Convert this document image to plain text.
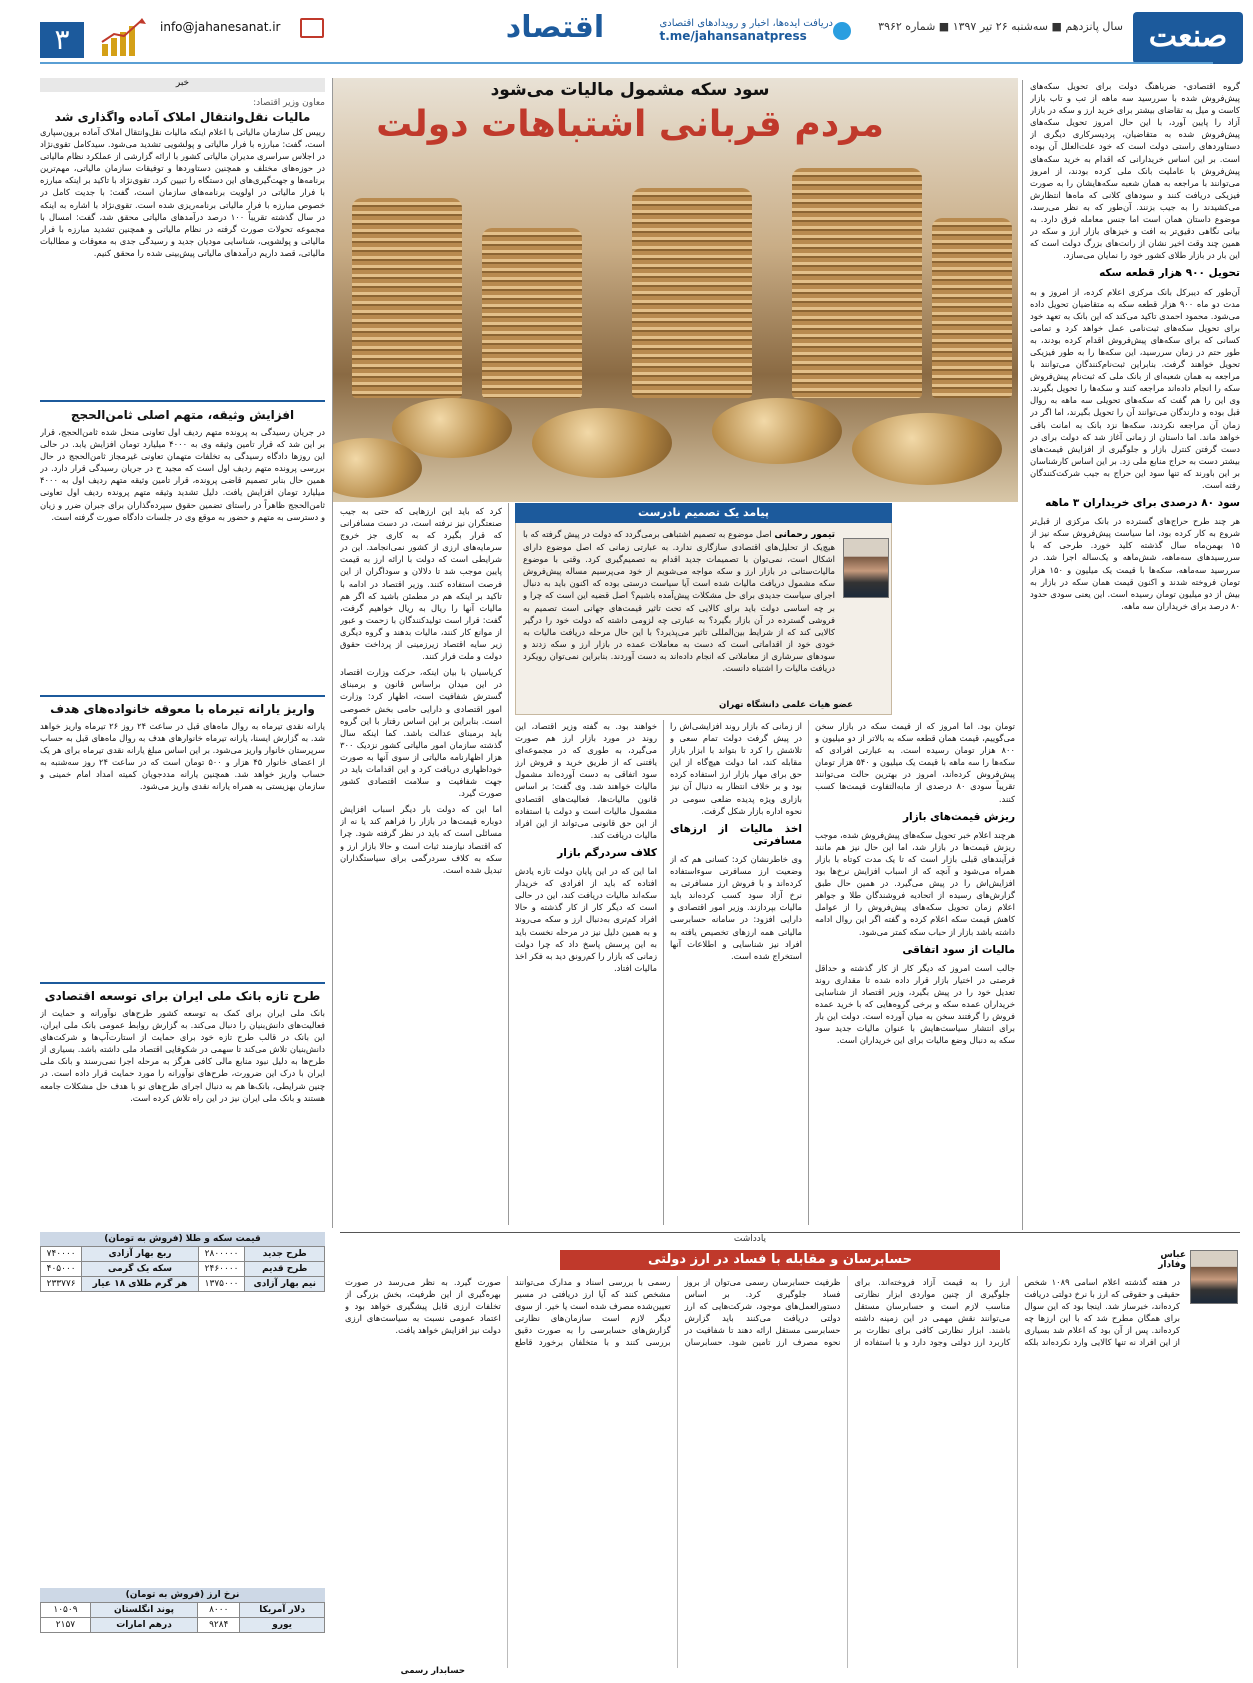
صنعت
سال پانزدهم ■ سه‌شنبه ۲۶ تیر ۱۳۹۷ ■ شماره ۳۹۶۲
دریافت ایده‌ها، اخبار و رویدادهای اقتصادی
t.me/jahansanatpress
اقتصاد
info@jahanesanat.ir
۳
سود سکه مشمول مالیات می‌شود
مردم قربانی اشتباهات دولت
گروه اقتصادی- ضرباهنگ دولت برای تحویل سکه‌های پیش‌فروش شده با سررسید سه ماهه از تب و تاب بازار کاست و میل به تقاضای بیشتر برای خرید ارز و سکه در بازار آزاد را پایین آورد، با این حال امروز تحویل سکه‌های پیش‌فروش شده به متقاضیان، پردیسرکاری دیگری از دستاوردهای راستی دولت است که خود علت‌العلل آن بوده است. بر این اساس خریدارانی که اقدام به خرید سکه‌های پیش‌فروش با عاملیت بانک ملی کرده بودند، از امروز می‌توانند با مراجعه به همان شعبه سکه‌هایشان را به صورت فیزیکی دریافت کنند و سودهای کلانی که ماه‌ها انتظارش می‌کشیدند را به جیب بزنند. آن‌طور که به نظر می‌رسد، موضوع داستان همان است اما جنس معامله فرق دارد. به بیانی نگاهی دقیق‌تر به افت و خیزهای بازار ارز و سکه در همین چند وقت اخیر نشان از رانت‌های بزرگ دولت است که این بار در بازار طلای کشور خود را نمایان می‌سازد.
تحویل ۹۰۰ هزار قطعه سکه
آن‌طور که دیبرکل بانک مرکزی اعلام کرده، از امروز و به مدت دو ماه ۹۰۰ هزار قطعه سکه به متقاضیان تحویل داده می‌شود. محمود احمدی تاکید می‌کند که این بانک به تعهد خود برای تحویل سکه‌های ثبت‌نامی عمل خواهد کرد و تمامی کسانی که برای سکه‌های پیش‌فروش اقدام کرده بودند، به طور حتم در زمان سررسید، این سکه‌ها را به طور فیزیکی تحویل خواهند گرفت. بنابراین ثبت‌نام‌کنندگان می‌توانند با مراجعه به همان شعبه‌ای از بانک ملی که ثبت‌نام پیش‌فروش سکه را انجام داده‌اند مراجعه کنند و سکه‌ها را تحویل بگیرند. وی این را هم گفت که سکه‌های تحویلی سه ماهه به روال قبل بوده و دارندگان می‌توانند آن را تحویل بگیرند، اما اگر در زمان آن مراجعه نکردند، سکه‌ها نزد بانک به امانت باقی خواهد ماند. اما داستان از زمانی آغاز شد که دولت برای در دست گرفتن کنترل بازار و جلوگیری از افزایش قیمت‌های بیشتر دست به حراج منابع ملی زد. بر این اساس کارشناسان بر این باورند که تنها سود این حراج به جیب شرکت‌کنندگان رفته است.
سود ۸۰ درصدی برای خریداران ۳ ماهه
هر چند طرح حراج‌های گسترده در بانک مرکزی از قبل‌تر شروع به کار کرده بود، اما سیاست پیش‌فروش سکه نیز از ۱۵ بهمن‌ماه سال گذشته کلید خورد. طرحی که با سررسیدهای سه‌ماهه، شش‌ماهه و یک‌ساله اجرا شد. در سررسید سه‌ماهه، سکه‌ها با قیمت یک میلیون و ۱۵۰ هزار تومان فروخته شدند و اکنون قیمت همان سکه در بازار به بیش از دو میلیون تومان رسیده است. این یعنی سودی حدود ۸۰ درصد برای خریداران سه ماهه.
پیامد یک تصمیم نادرست
تیمور رحمانی اصل موضوع به تصمیم اشتباهی برمی‌گردد که دولت در پیش گرفته که با هیچ‌یک از تحلیل‌های اقتصادی سازگاری ندارد. به عبارتی زمانی که اصل موضوع دارای اشکال است، نمی‌توان با تصمیمات جدید اقدام به تصمیم‌گیری کرد. وقتی با موضوع مالیات‌ستانی در بازار ارز و سکه مواجه می‌شویم از خود می‌پرسیم مساله پیش‌فروش سکه مشمول دریافت مالیات شده است آیا سیاست درستی بوده که اکنون باید به دنبال اجرای سیاست جدیدی برای حل مشکلات پیش‌آمده باشیم؟ اصل قضیه این است که چرا و بر چه اساسی دولت باید برای کالایی که تحت تاثیر قیمت‌های جهانی است تصمیم به فروشی گسترده در آن بازار بگیرد؟ به عبارتی چه لزومی داشته که دولت خود را درگیر کالایی کند که از شرایط بین‌المللی تاثیر می‌پذیرد؟ با این حال مرحله دریافت مالیات به خودی خود از اقداماتی است که دست به معاملات عمده در بازار ارز و سکه زدند و سودهای سرشاری از معاملاتی که انجام داده‌اند به دست آوردند. بنابراین نمی‌توان رویکرد دریافت مالیات را اشتباه دانست.
عضو هیات علمی دانشگاه تهران
تومان بود. اما امروز که از قیمت سکه در بازار سخن می‌گوییم، قیمت همان قطعه سکه به بالاتر از دو میلیون و ۸۰۰ هزار تومان رسیده است. به عبارتی افرادی که سکه‌ها را سه ماهه با قیمت یک میلیون و ۵۴۰ هزار تومان پیش‌فروش کرده‌اند، امروز در بهترین حالت می‌توانند تقریباً سودی ۸۰ درصدی از مابه‌التفاوت قیمت‌ها کسب کنند.
ریزش قیمت‌های بازار
هرچند اعلام خبر تحویل سکه‌های پیش‌فروش شده، موجب ریزش قیمت‌ها در بازار شد، اما این حال نیز هم مانند فرآیندهای قبلی بازار است که تا یک مدت کوتاه با بازار همراه می‌شود و آنچه که از اسباب افزایش نرخ‌ها بود افزایش‌اش را در پیش می‌گیرد. در همین حال طبق گزارش‌های رسیده از اتحادیه فروشندگان طلا و جواهر اعلام زمان تحویل سکه‌های پیش‌فروش را از عوامل کاهش قیمت سکه اعلام کرده و گفته اگر این روال ادامه داشته باشد بازار از حباب سکه کمتر می‌شود.
مالیات از سود اتفاقی
جالب است امروز که دیگر کار از کار گذشته و حداقل فرصتی در اختیار بازار قرار داده شده تا مقداری روند تعدیل خود را در پیش بگیرد، وزیر اقتصاد از شناسایی خریداران عمده سکه و برخی گروه‌هایی که با خرید عمده فروش را گرفتند سخن به میان آورده است. دولت این بار برای انتشار سیاست‌هایش با عنوان مالیات جدید سود سکه به دنبال وضع مالیات برای این خریداران است.
از زمانی که بازار روند افزایشی‌اش را در پیش گرفت دولت تمام سعی و تلاشش را کرد تا بتواند با ابزار بازار مقابله کند، اما دولت هیچ‌گاه از این حق برای مهار بازار ارز استفاده کرده بود و بر خلاف انتظار به دنبال آن نیز بازاری ویژه پدیده ضلعی سومی در نحوه اداره بازار شکل گرفت.
اخذ مالیات از ارزهای مسافرتی
وی خاطرنشان کرد: کسانی هم که از وضعیت ارز مسافرتی سوءاستفاده کرده‌اند و با فروش ارز مسافرتی به نرخ آزاد سود کسب کرده‌اند باید مالیات بپردازند. وزیر امور اقتصادی و دارایی افزود: در سامانه حسابرسی مالیاتی همه ارزهای تخصیص یافته به افراد نیز شناسایی و اطلاعات آنها استخراج شده است.
خواهند بود. به گفته وزیر اقتصاد، این روند در مورد بازار ارز هم صورت می‌گیرد، به طوری که در مجموعه‌ای یافتنی که از طریق خرید و فروش ارز سود اتفاقی به دست آورده‌اند مشمول مالیات خواهند شد. وی گفت: بر اساس قانون مالیات‌ها، فعالیت‌های اقتصادی مشمول مالیات است و دولت با استفاده از این حق قانونی می‌تواند از این افراد مالیات دریافت کند.
کلاف سردرگم بازار
اما این که در این پایان دولت تازه یادش افتاده که باید از افرادی که خریدار سکه‌اند مالیات دریافت کند، این در حالی است که دیگر کار از کار گذشته و حالا افراد کم‌تری به‌دنبال ارز و سکه می‌روند و به همین دلیل نیز در مرحله نخست باید به این پرسش پاسخ داد که چرا دولت زمانی که بازار را کم‌رونق دید به فکر اخذ مالیات افتاد.
کرد که باید این ارزهایی که حتی به جیب صنعتگران نیز نرفته است، در دست مسافرانی که قرار بگیرد که به کاری جز خروج سرمایه‌های ارزی از کشور نمی‌انجامد. این در شرایطی است که دولت با ارائه ارز به قیمت پایین موجب شد تا دلالان و سوداگران از این فرصت استفاده کنند. وزیر اقتصاد در ادامه با تاکید بر اینکه هم در مطمئن باشید که اگر هم مالیات آنها را ریال به ریال خواهیم گرفت، گفت: قرار است تولیدکنندگان با زحمت و عبور از موانع کار کنند، مالیات بدهند و گروه دیگری زیر سایه اقتصاد زیرزمینی از پرداخت حقوق دولت و ملت فرار کنند.
کریاسیان با بیان اینکه، حرکت وزارت اقتصاد در این میدان براساس قانون و برمبنای گسترش شفافیت است، اظهار کرد: وزارت امور اقتصادی و دارایی حامی بخش خصوصی است. بنابراین بر این اساس رفتار با این گروه باید برمبنای عدالت باشد. کما اینکه سال گذشته سازمان امور مالیاتی کشور نزدیک ۳۰۰ هزار اظهارنامه مالیاتی از سوی آنها به صورت خوداظهاری دریافت کرد و این اقدامات باید در جهت شفافیت و سلامت اقتصادی کشور صورت گیرد.
اما این که دولت بار دیگر اسباب افزایش دوباره قیمت‌ها در بازار را فراهم کند یا نه از مسائلی است که باید در نظر گرفته شود. چرا که اقتصاد نیازمند ثبات است و حالا بازار ارز و سکه به کلاف سردرگمی برای سیاستگذاران تبدیل شده است.
خبر
معاون وزیر اقتصاد:
مالیات نقل‌وانتقال املاک آماده واگذاری شد
رییس کل سازمان مالیاتی با اعلام اینکه مالیات نقل‌وانتقال املاک آماده برون‌سپاری است، گفت: مبارزه با فرار مالیاتی و پولشویی تشدید می‌شود. سیدکامل تقوی‌نژاد در اجلاس سراسری مدیران مالیاتی کشور با ارائه گزارشی از عملکرد نظام مالیاتی در حوزه‌های مختلف و همچنین دستاوردها و توفیقات سازمان مالیاتی، مهم‌ترین برنامه‌ها و جهت‌گیری‌های این دستگاه را تبیین کرد. تقوی‌نژاد با تاکید بر اینکه مبارزه با فرار مالیاتی در اولویت برنامه‌های سازمان است، گفت: با جدیت کامل در خصوص مبارزه با فرار مالیاتی برنامه‌ریزی شده است. تقوی‌نژاد با اشاره به اینکه در سال گذشته تقریباً ۱۰۰ درصد درآمدهای مالیاتی محقق شد، گفت: امسال با مجموعه تحولات صورت گرفته در نظام مالیاتی و همچنین تشدید مبارزه با فرار مالیاتی و پولشویی، شناسایی مودیان جدید و رسیدگی جدی به معوقات و مطالبات مالیاتی، قصد داریم درآمدهای مالیاتی پیش‌بینی شده را محقق کنیم.
افزایش وثیقه، متهم اصلی ثامن‌الحجج
در جریان رسیدگی به پرونده متهم ردیف اول تعاونی منحل شده ثامن‌الحجج، قرار بر این شد که قرار تامین وثیقه وی به ۴۰۰۰ میلیارد تومان افزایش یابد. در حالی این روزها دادگاه رسیدگی به تخلفات متهمان تعاونی غیرمجاز ثامن‌الحجج در حال بررسی پرونده متهم ردیف اول است که مجید ح در جریان رسیدگی قرار دارد. در همین حال بنابر تصمیم قاضی پرونده، قرار تامین وثیقه متهم ردیف اول به ۴۰۰۰ میلیارد تومان افزایش یافت. دلیل تشدید وثیقه متهم پرونده ردیف اول تعاونی ثامن‌الحجج ظاهراً در راستای تضمین حقوق سپرده‌گذاران برای جبران ضرر و زیان و دسترسی به متهم و حضور به موقع وی در جلسات دادگاه صورت گرفته است.
واریز یارانه تیرماه با معوقه خانواده‌های هدف
یارانه نقدی تیرماه به روال ماه‌های قبل در ساعت ۲۴ روز ۲۶ تیرماه واریز خواهد شد. به گزارش ایسنا، یارانه تیرماه خانوارهای هدف به روال ماه‌های قبل به حساب سرپرستان خانوار واریز می‌شود. بر این اساس مبلغ یارانه نقدی تیرماه برای هر یک از اعضای خانوار ۴۵ هزار و ۵۰۰ تومان است که در ساعت ۲۴ روز سه‌شنبه به حساب واریز خواهد شد. همچنین یارانه مددجویان کمیته امداد امام خمینی و سازمان بهزیستی به همراه یارانه نقدی واریز می‌شود.
طرح تازه بانک ملی ایران برای توسعه اقتصادی
بانک ملی ایران برای کمک به توسعه کشور طرح‌های نوآورانه و حمایت از فعالیت‌های دانش‌بنیان را دنبال می‌کند. به گزارش روابط عمومی بانک ملی ایران، این بانک در قالب طرح تازه خود برای حمایت از استارت‌آپ‌ها و شرکت‌های دانش‌بنیان تلاش می‌کند تا سهمی در شکوفایی اقتصاد ملی داشته باشد. بسیاری از طرح‌ها به دلیل نبود منابع مالی کافی هرگز به مرحله اجرا نمی‌رسند و بانک ملی ایران با درک این ضرورت، طرح‌های نوآورانه را مورد حمایت قرار داده است. در چنین شرایطی، بانک‌ها هم به دنبال اجرای طرح‌های نو با هدف حل مشکلات جامعه هستند و بانک ملی ایران نیز در این راه تلاش کرده است.
قیمت سکه و طلا (فروش به تومان)
طرح جدید	۲۸۰۰۰۰۰	ربع بهار آزادی	۷۴۰۰۰۰
طرح قدیم	۲۴۶۰۰۰۰	سکه یک گرمی	۴۰۵۰۰۰
نیم بهار آزادی	۱۳۷۵۰۰۰	هر گرم طلای ۱۸ عیار	۲۳۳۷۷۶
نرخ ارز (فروش به تومان)
دلار آمریکا	۸۰۰۰	پوند انگلستان	۱۰۵۰۹
یورو	۹۲۸۴	درهم امارات	۲۱۵۷
یادداشت
حسابرسان و مقابله با فساد در ارز دولتی	عباس وفادار
در هفته گذشته اعلام اسامی ۱۰۸۹ شخص حقیقی و حقوقی که ارز با نرخ دولتی دریافت کرده‌اند، خبرساز شد. اینجا بود که این سوال برای همگان مطرح شد که با این ارزها چه کرده‌اند. پس از آن بود که اعلام شد بسیاری از این افراد نه تنها کالایی وارد نکرده‌اند بلکه ارز را به قیمت آزاد فروخته‌اند. برای جلوگیری از چنین مواردی ابزار نظارتی مناسب لازم است و حسابرسان مستقل می‌توانند نقش مهمی در این زمینه داشته باشند. ابزار نظارتی کافی برای نظارت بر کاربرد ارز دولتی وجود دارد و با استفاده از ظرفیت حسابرسان رسمی می‌توان از بروز فساد جلوگیری کرد. بر اساس دستورالعمل‌های موجود، شرکت‌هایی که ارز دولتی دریافت می‌کنند باید گزارش حسابرسی مستقل ارائه دهند تا شفافیت در نحوه مصرف ارز تامین شود. حسابرسان رسمی با بررسی اسناد و مدارک می‌توانند مشخص کنند که آیا ارز دریافتی در مسیر تعیین‌شده مصرف شده است یا خیر. از سوی دیگر لازم است سازمان‌های نظارتی گزارش‌های حسابرسی را به صورت دقیق بررسی کنند و با متخلفان برخورد قاطع صورت گیرد. به نظر می‌رسد در صورت بهره‌گیری از این ظرفیت، بخش بزرگی از تخلفات ارزی قابل پیشگیری خواهد بود و اعتماد عمومی نسبت به سیاست‌های ارزی دولت نیز افزایش خواهد یافت.
حسابدار رسمی
